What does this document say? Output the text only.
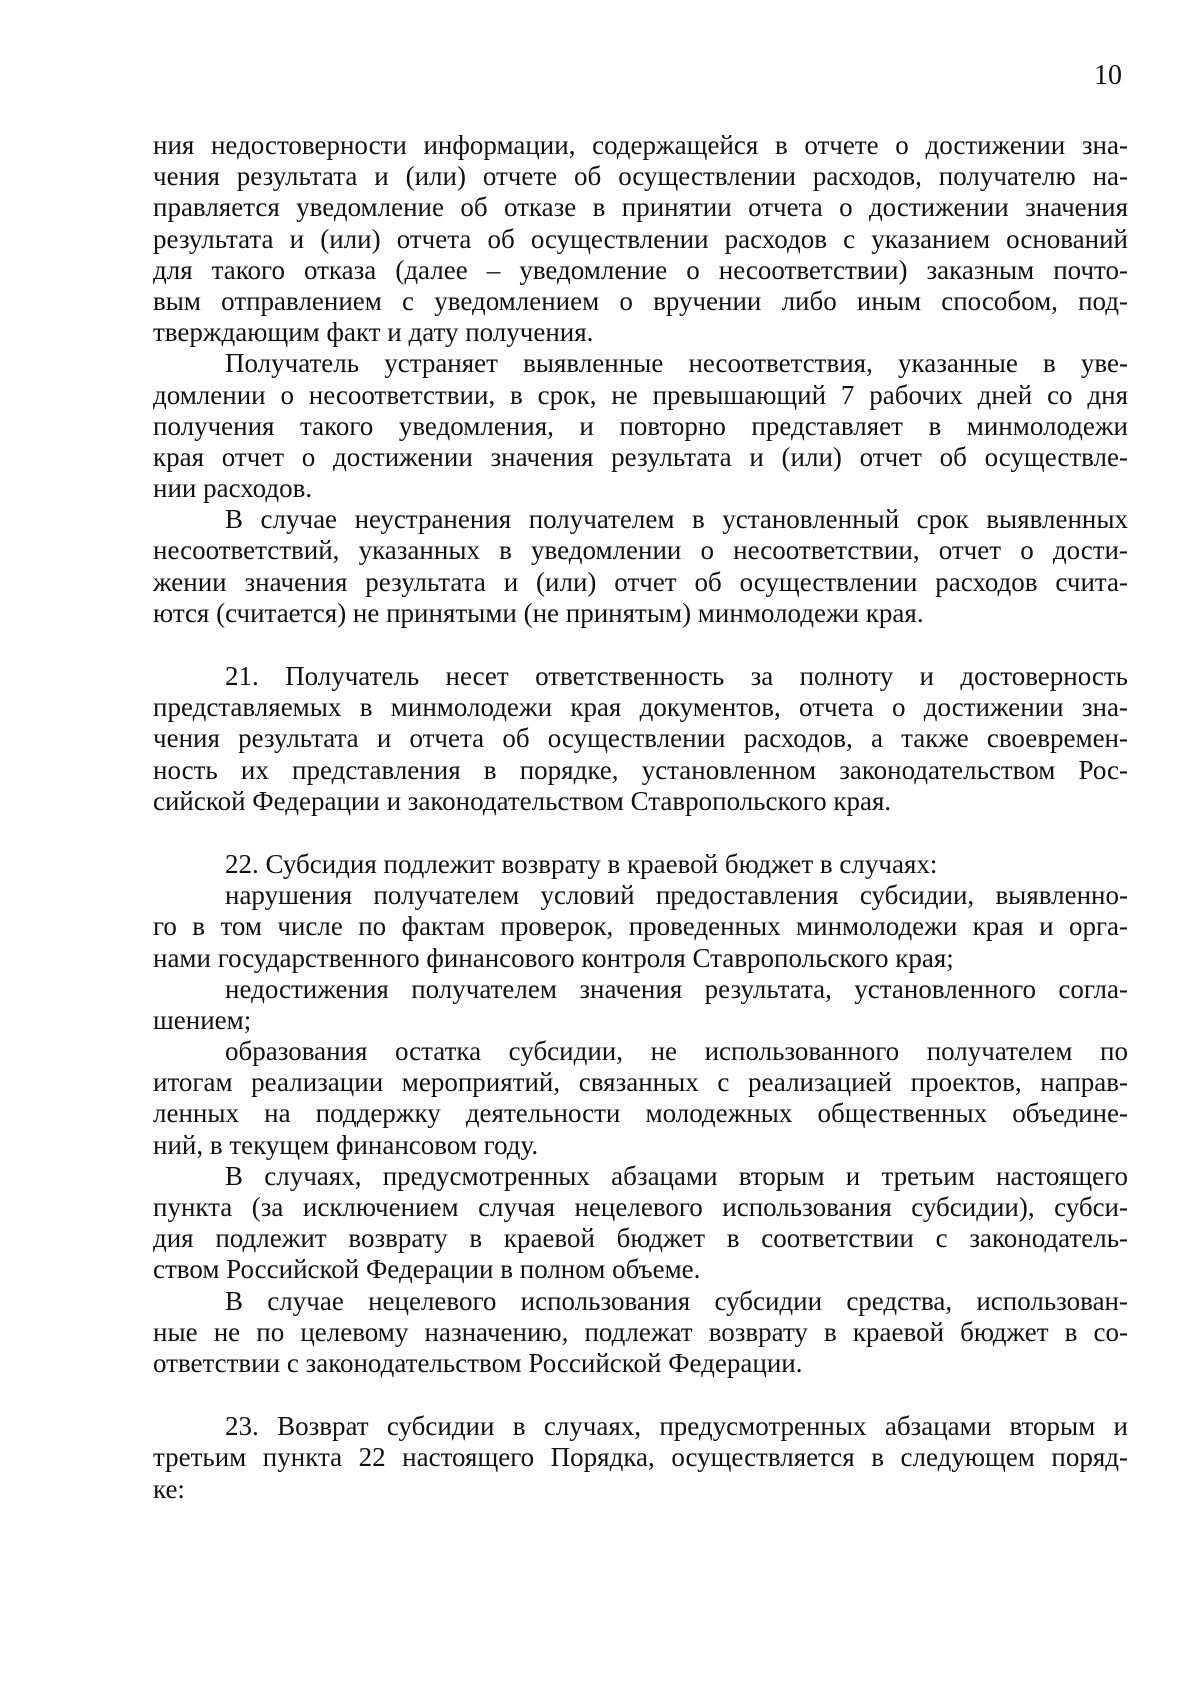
10
ния недостоверности информации, содержащейся в отчете о достижении зна-
чения результата и (или) отчете об осуществлении расходов, получателю на-
правляется уведомление об отказе в принятии отчета о достижении значения
результата и (или) отчета об осуществлении расходов с указанием оснований
для такого отказа (далее – уведомление о несоответствии) заказным почто-
вым отправлением с уведомлением о вручении либо иным способом, под-
тверждающим факт и дату получения.
Получатель устраняет выявленные несоответствия, указанные в уве-
домлении о несоответствии, в срок, не превышающий 7 рабочих дней со дня
получения такого уведомления, и повторно представляет в минмолодежи
края отчет о достижении значения результата и (или) отчет об осуществле-
нии расходов.
В случае неустранения получателем в установленный срок выявленных
несоответствий, указанных в уведомлении о несоответствии, отчет о дости-
жении значения результата и (или) отчет об осуществлении расходов счита-
ются (считается) не принятыми (не принятым) минмолодежи края.
21. Получатель несет ответственность за полноту и достоверность
представляемых в минмолодежи края документов, отчета о достижении зна-
чения результата и отчета об осуществлении расходов, а также своевремен-
ность их представления в порядке, установленном законодательством Рос-
сийской Федерации и законодательством Ставропольского края.
22. Субсидия подлежит возврату в краевой бюджет в случаях:
нарушения получателем условий предоставления субсидии, выявленно-
го в том числе по фактам проверок, проведенных минмолодежи края и орга-
нами государственного финансового контроля Ставропольского края;
недостижения получателем значения результата, установленного согла-
шением;
образования остатка субсидии, не использованного получателем по
итогам реализации мероприятий, связанных с реализацией проектов, направ-
ленных на поддержку деятельности молодежных общественных объедине-
ний, в текущем финансовом году.
В случаях, предусмотренных абзацами вторым и третьим настоящего
пункта (за исключением случая нецелевого использования субсидии), субси-
дия подлежит возврату в краевой бюджет в соответствии с законодатель-
ством Российской Федерации в полном объеме.
В случае нецелевого использования субсидии средства, использован-
ные не по целевому назначению, подлежат возврату в краевой бюджет в со-
ответствии с законодательством Российской Федерации.
23. Возврат субсидии в случаях, предусмотренных абзацами вторым и
третьим пункта 22 настоящего Порядка, осуществляется в следующем поряд-
ке:
